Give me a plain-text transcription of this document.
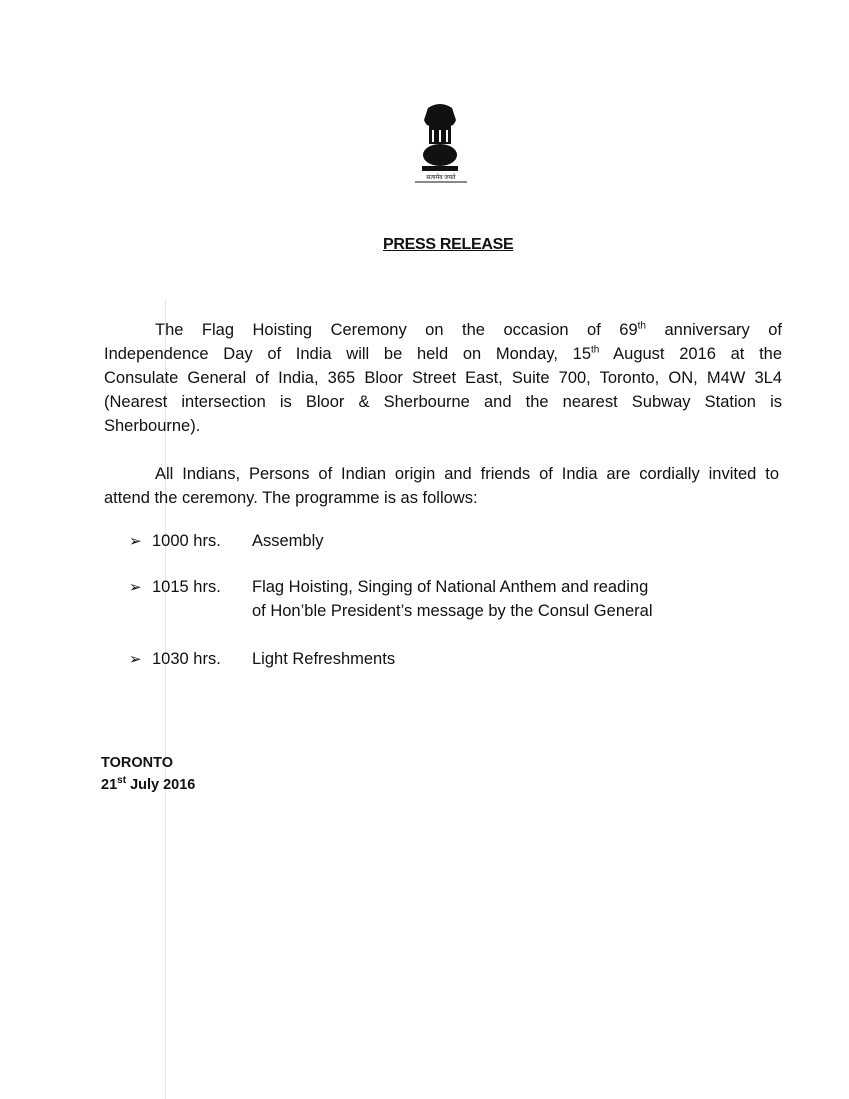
सत्यमेव जयते
PRESS RELEASE
The Flag Hoisting Ceremony on the occasion of 69th anniversary of
Independence Day of India will be held on Monday, 15th August 2016 at the
Consulate General of India, 365 Bloor Street East, Suite 700, Toronto, ON, M4W 3L4
(Nearest intersection is Bloor & Sherbourne and the nearest Subway Station is
Sherbourne).
All Indians, Persons of Indian origin and friends of India are cordially invited to
attend the ceremony. The programme is as follows:
➢ 1000 hrs. Assembly
➢ 1015 hrs. Flag Hoisting, Singing of National Anthem and reading
of Hon’ble President’s message by the Consul General
➢ 1030 hrs. Light Refreshments
TORONTO
21st July 2016
